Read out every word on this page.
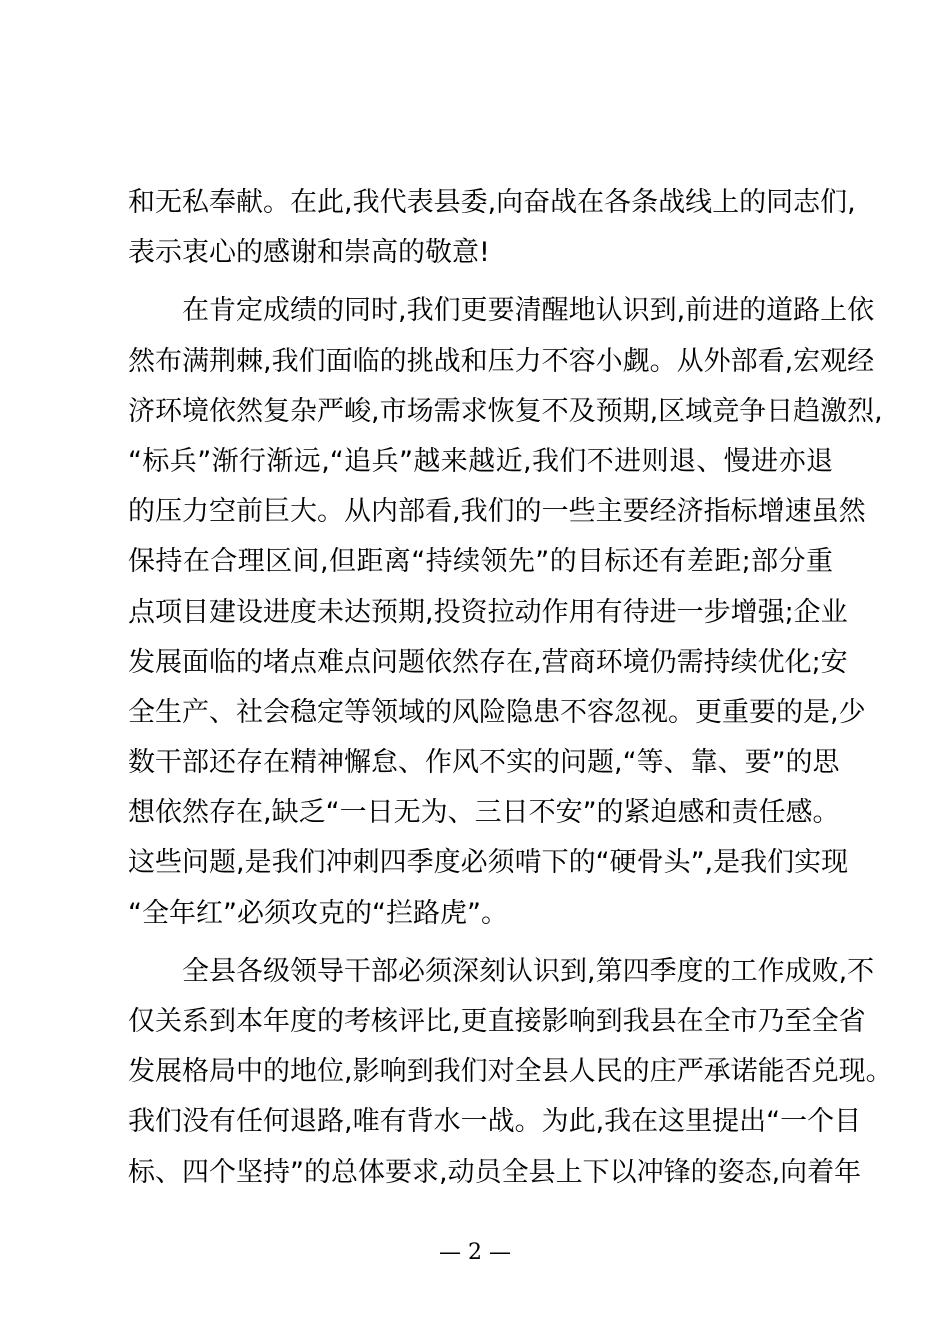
和无私奉献。在此,我代表县委,向奋战在各条战线上的同志们,
表示衷心的感谢和崇高的敬意!
　　在肯定成绩的同时,我们更要清醒地认识到,前进的道路上依
然布满荆棘,我们面临的挑战和压力不容小觑。从外部看,宏观经
济环境依然复杂严峻,市场需求恢复不及预期,区域竞争日趋激烈,
“标兵”渐行渐远,“追兵”越来越近,我们不进则退、慢进亦退
的压力空前巨大。从内部看,我们的一些主要经济指标增速虽然
保持在合理区间,但距离“持续领先”的目标还有差距;部分重
点项目建设进度未达预期,投资拉动作用有待进一步增强;企业
发展面临的堵点难点问题依然存在,营商环境仍需持续优化;安
全生产、社会稳定等领域的风险隐患不容忽视。更重要的是,少
数干部还存在精神懈怠、作风不实的问题,“等、靠、要”的思
想依然存在,缺乏“一日无为、三日不安”的紧迫感和责任感。
这些问题,是我们冲刺四季度必须啃下的“硬骨头”,是我们实现
“全年红”必须攻克的“拦路虎”。
　　全县各级领导干部必须深刻认识到,第四季度的工作成败,不
仅关系到本年度的考核评比,更直接影响到我县在全市乃至全省
发展格局中的地位,影响到我们对全县人民的庄严承诺能否兑现。
我们没有任何退路,唯有背水一战。为此,我在这里提出“一个目
标、四个坚持”的总体要求,动员全县上下以冲锋的姿态,向着年
— 2 —
